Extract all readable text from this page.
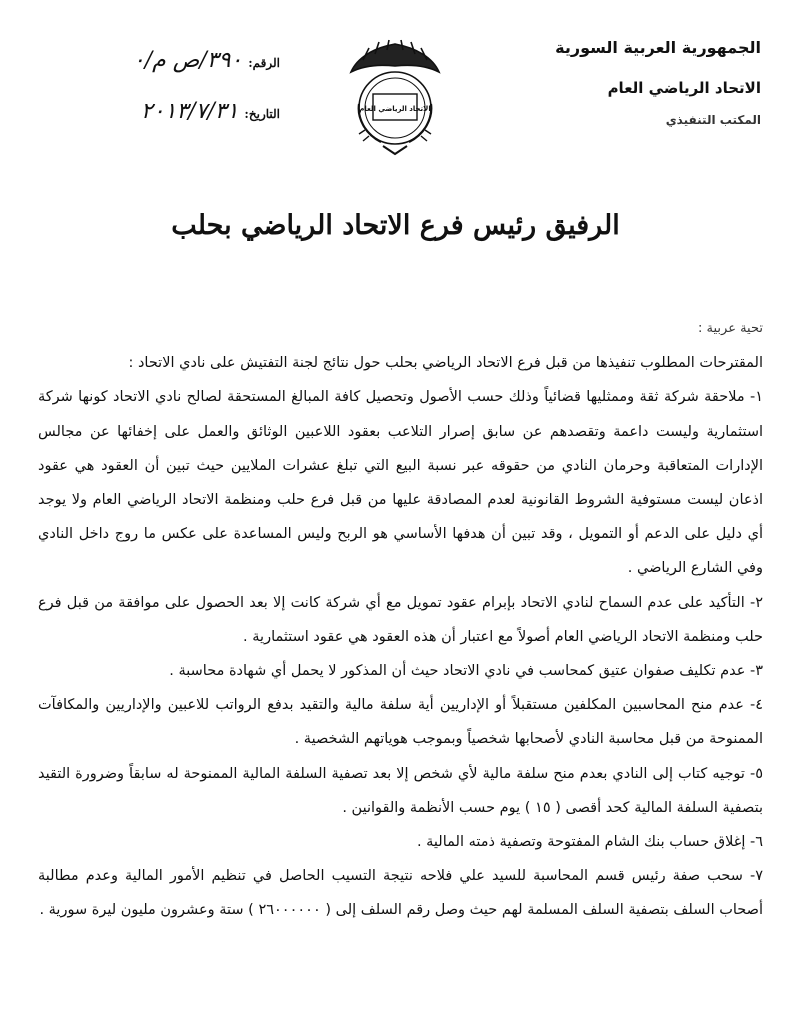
الجمهورية العربية السورية
الاتحاد الرياضي العام
المكتب التنفيذي
الرقم:
٣٩٠/ص م/٠
التاريخ:
٢٠١٣/٧/٣١	الاتحاد الرياضي العام
الرفيق رئيس فرع الاتحاد الرياضي بحلب

تحية عربية :

المقترحات المطلوب تنفيذها من قبل فرع الاتحاد الرياضي بحلب حول نتائج لجنة التفتيش على نادي الاتحاد :

١- ملاحقة شركة ثقة وممثليها قضائياً وذلك حسب الأصول وتحصيل كافة المبالغ المستحقة لصالح نادي الاتحاد كونها شركة استثمارية وليست داعمة وتقصدهم عن سابق إصرار التلاعب بعقود اللاعبين الوثائق والعمل على إخفائها عن مجالس الإدارات المتعاقبة وحرمان النادي من حقوقه عبر نسبة البيع التي تبلغ عشرات الملايين حيث تبين أن العقود هي عقود اذعان ليست مستوفية الشروط القانونية لعدم المصادقة عليها من قبل فرع حلب ومنظمة الاتحاد الرياضي العام ولا يوجد أي دليل على الدعم أو التمويل ، وقد تبين أن هدفها الأساسي هو الربح وليس المساعدة على عكس ما روج داخل النادي وفي الشارع الرياضي .

٢- التأكيد على عدم السماح لنادي الاتحاد بإبرام عقود تمويل مع أي شركة كانت إلا بعد الحصول على موافقة من قبل فرع حلب ومنظمة الاتحاد الرياضي العام أصولاً مع اعتبار أن هذه العقود هي عقود استثمارية .

٣- عدم تكليف صفوان عتيق كمحاسب في نادي الاتحاد حيث أن المذكور لا يحمل أي شهادة محاسبة .

٤- عدم منح المحاسبين المكلفين مستقبلاً أو الإداريين أية سلفة مالية والتقيد بدفع الرواتب للاعبين والإداريين والمكافآت الممنوحة من قبل محاسبة النادي لأصحابها شخصياً وبموجب هوياتهم الشخصية .

٥- توجيه كتاب إلى النادي بعدم منح سلفة مالية لأي شخص إلا بعد تصفية السلفة المالية الممنوحة له سابقاً وضرورة التقيد بتصفية السلفة المالية كحد أقصى ( ١٥ ) يوم حسب الأنظمة والقوانين .

٦- إغلاق حساب بنك الشام المفتوحة وتصفية ذمته المالية .

٧- سحب صفة رئيس قسم المحاسبة للسيد علي فلاحه نتيجة التسيب الحاصل في تنظيم الأمور المالية وعدم مطالبة أصحاب السلف بتصفية السلف المسلمة لهم حيث وصل رقم السلف إلى ( ٢٦٠٠٠٠٠٠ ) ستة وعشرون مليون ليرة سورية .
